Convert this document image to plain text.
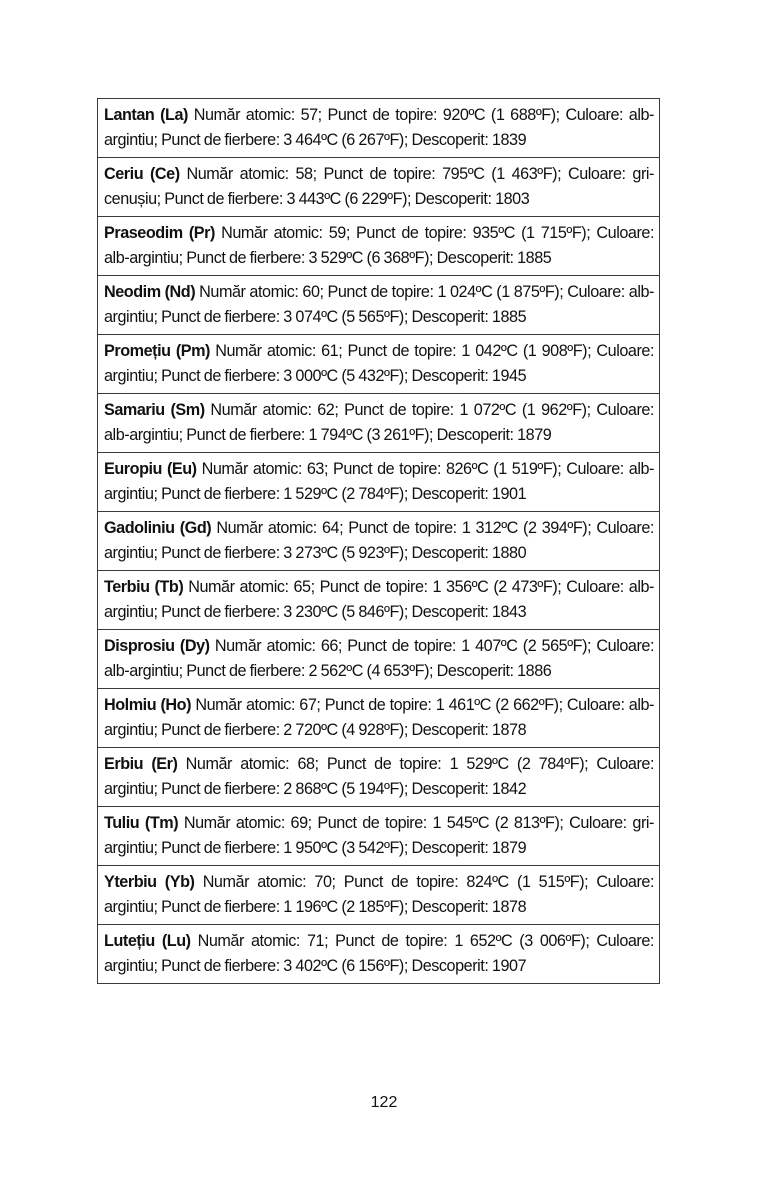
Lantan (La) Număr atomic: 57; Punct de topire: 920ºC (1 688ºF); Culoare: alb-argintiu; Punct de fierbere: 3 464ºC (6 267ºF); Descoperit: 1839
Ceriu (Ce) Număr atomic: 58; Punct de topire: 795ºC (1 463ºF); Culoare: gri-cenușiu; Punct de fierbere: 3 443ºC (6 229ºF); Descoperit: 1803
Praseodim (Pr) Număr atomic: 59; Punct de topire: 935ºC (1 715ºF); Culoare: alb-argintiu; Punct de fierbere: 3 529ºC (6 368ºF); Descoperit: 1885
Neodim (Nd) Număr atomic: 60; Punct de topire: 1 024ºC (1 875ºF); Culoare: alb-argintiu; Punct de fierbere: 3 074ºC (5 565ºF); Descoperit: 1885
Promețiu (Pm) Număr atomic: 61; Punct de topire: 1 042ºC (1 908ºF); Culoare: argintiu; Punct de fierbere: 3 000ºC (5 432ºF); Descoperit: 1945
Samariu (Sm) Număr atomic: 62; Punct de topire: 1 072ºC (1 962ºF); Culoare: alb-argintiu; Punct de fierbere: 1 794ºC (3 261ºF); Descoperit: 1879
Europiu (Eu) Număr atomic: 63; Punct de topire: 826ºC (1 519ºF); Culoare: alb-argintiu; Punct de fierbere: 1 529ºC (2 784ºF); Descoperit: 1901
Gadoliniu (Gd) Număr atomic: 64; Punct de topire: 1 312ºC (2 394ºF); Culoare: argintiu; Punct de fierbere: 3 273ºC (5 923ºF); Descoperit: 1880
Terbiu (Tb) Număr atomic: 65; Punct de topire: 1 356ºC (2 473ºF); Culoare: alb-argintiu; Punct de fierbere: 3 230ºC (5 846ºF); Descoperit: 1843
Disprosiu (Dy) Număr atomic: 66; Punct de topire: 1 407ºC (2 565ºF); Culoare: alb-argintiu; Punct de fierbere: 2 562ºC (4 653ºF); Descoperit: 1886
Holmiu (Ho) Număr atomic: 67; Punct de topire: 1 461ºC (2 662ºF); Culoare: alb-argintiu; Punct de fierbere: 2 720ºC (4 928ºF); Descoperit: 1878
Erbiu (Er) Număr atomic: 68; Punct de topire: 1 529ºC (2 784ºF); Culoare: argintiu; Punct de fierbere: 2 868ºC (5 194ºF); Descoperit: 1842
Tuliu (Tm) Număr atomic: 69; Punct de topire: 1 545ºC (2 813ºF); Culoare: gri-argintiu; Punct de fierbere: 1 950ºC (3 542ºF); Descoperit: 1879
Yterbiu (Yb) Număr atomic: 70; Punct de topire: 824ºC (1 515ºF); Culoare: argintiu; Punct de fierbere: 1 196ºC (2 185ºF); Descoperit: 1878
Lutețiu (Lu) Număr atomic: 71; Punct de topire: 1 652ºC (3 006ºF); Culoare: argintiu; Punct de fierbere: 3 402ºC (6 156ºF); Descoperit: 1907
122
